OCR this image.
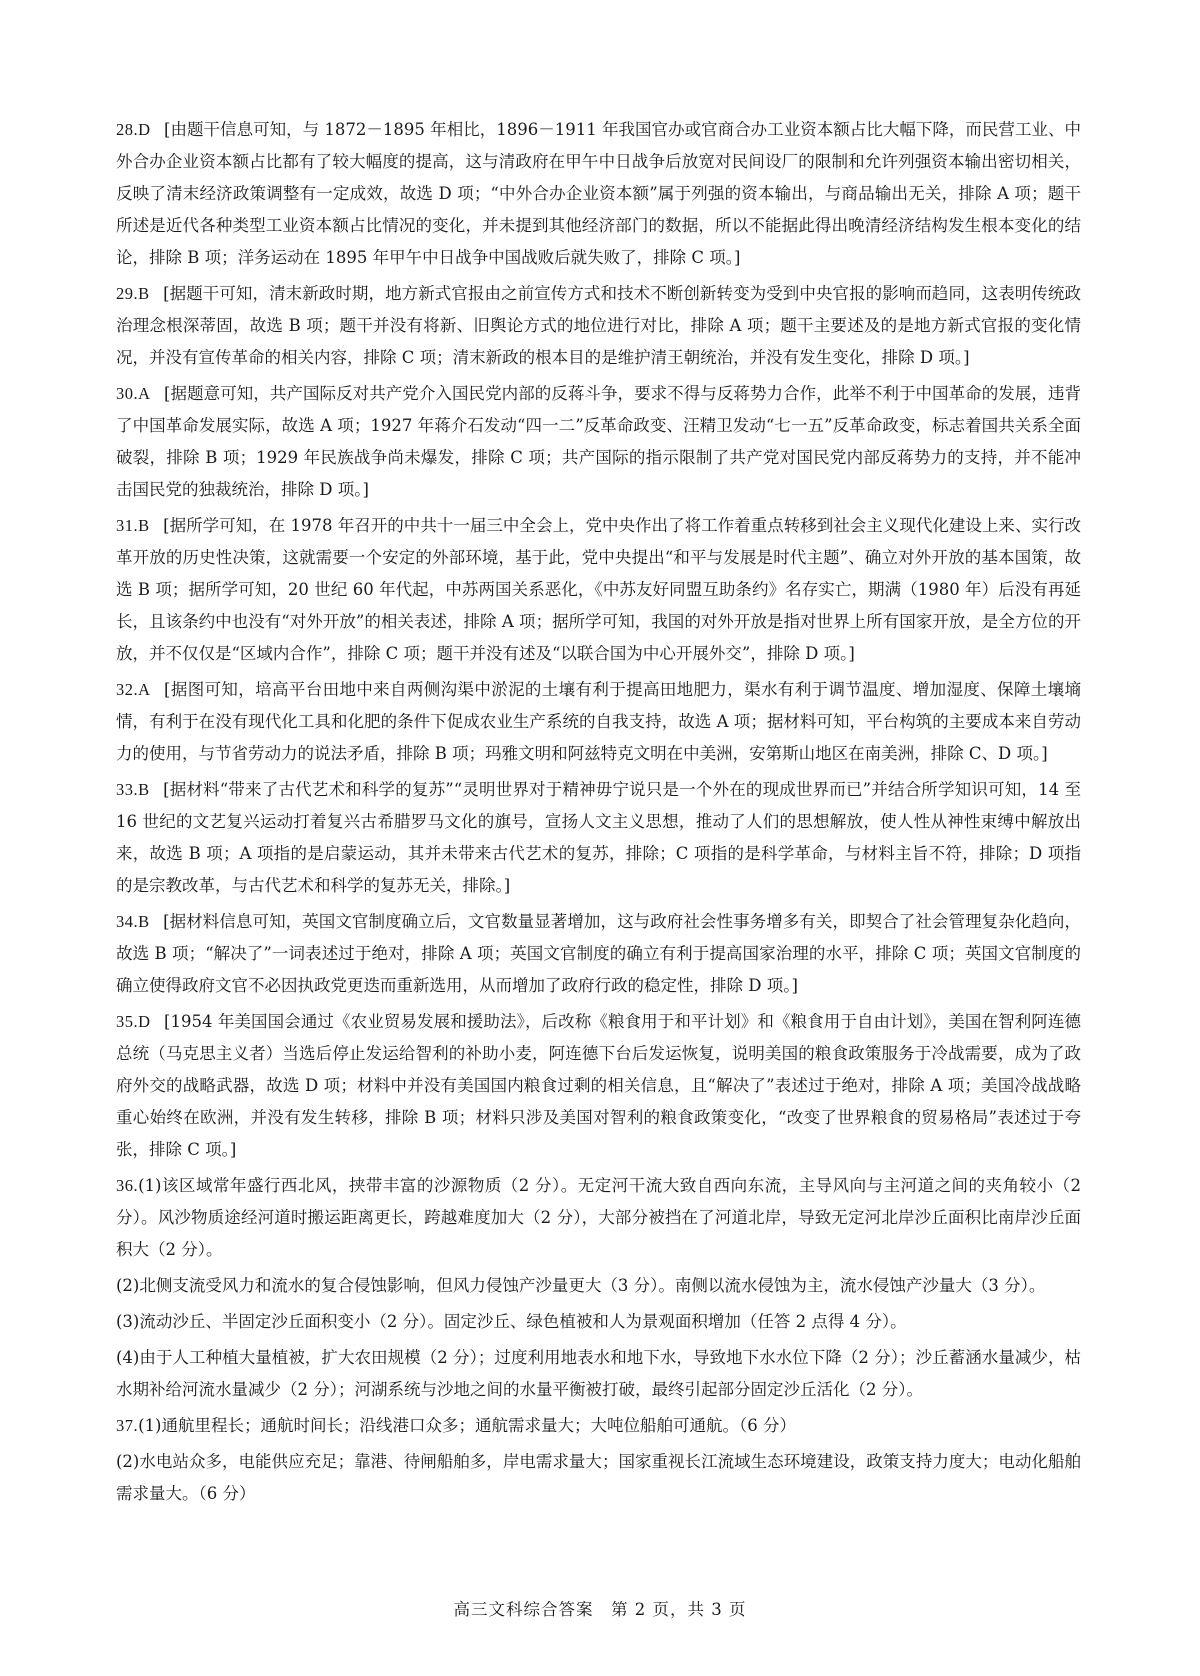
28.D [由题干信息可知，与 1872－1895 年相比，1896－1911 年我国官办或官商合办工业资本额占比大幅下降，而民营工业、中外合办企业资本额占比都有了较大幅度的提高，这与清政府在甲午中日战争后放宽对民间设厂的限制和允许列强资本输出密切相关，反映了清末经济政策调整有一定成效，故选 D 项；“中外合办企业资本额”属于列强的资本输出，与商品输出无关，排除 A 项；题干所述是近代各种类型工业资本额占比情况的变化，并未提到其他经济部门的数据，所以不能据此得出晚清经济结构发生根本变化的结论，排除 B 项；洋务运动在 1895 年甲午中日战争中国战败后就失败了，排除 C 项。]

29.B [据题干可知，清末新政时期，地方新式官报由之前宣传方式和技术不断创新转变为受到中央官报的影响而趋同，这表明传统政治理念根深蒂固，故选 B 项；题干并没有将新、旧舆论方式的地位进行对比，排除 A 项；题干主要述及的是地方新式官报的变化情况，并没有宣传革命的相关内容，排除 C 项；清末新政的根本目的是维护清王朝统治，并没有发生变化，排除 D 项。]

30.A [据题意可知，共产国际反对共产党介入国民党内部的反蒋斗争，要求不得与反蒋势力合作，此举不利于中国革命的发展，违背了中国革命发展实际，故选 A 项；1927 年蒋介石发动“四一二”反革命政变、汪精卫发动“七一五”反革命政变，标志着国共关系全面破裂，排除 B 项；1929 年民族战争尚未爆发，排除 C 项；共产国际的指示限制了共产党对国民党内部反蒋势力的支持，并不能冲击国民党的独裁统治，排除 D 项。]

31.B [据所学可知，在 1978 年召开的中共十一届三中全会上，党中央作出了将工作着重点转移到社会主义现代化建设上来、实行改革开放的历史性决策，这就需要一个安定的外部环境，基于此，党中央提出“和平与发展是时代主题”、确立对外开放的基本国策，故选 B 项；据所学可知，20 世纪 60 年代起，中苏两国关系恶化，《中苏友好同盟互助条约》名存实亡，期满（1980 年）后没有再延长，且该条约中也没有“对外开放”的相关表述，排除 A 项；据所学可知，我国的对外开放是指对世界上所有国家开放，是全方位的开放，并不仅仅是“区域内合作”，排除 C 项；题干并没有述及“以联合国为中心开展外交”，排除 D 项。]

32.A [据图可知，培高平台田地中来自两侧沟渠中淤泥的土壤有利于提高田地肥力，渠水有利于调节温度、增加湿度、保障土壤墒情，有利于在没有现代化工具和化肥的条件下促成农业生产系统的自我支持，故选 A 项；据材料可知，平台构筑的主要成本来自劳动力的使用，与节省劳动力的说法矛盾，排除 B 项；玛雅文明和阿兹特克文明在中美洲，安第斯山地区在南美洲，排除 C、D 项。]

33.B [据材料“带来了古代艺术和科学的复苏”“灵明世界对于精神毋宁说只是一个外在的现成世界而已”并结合所学知识可知，14 至 16 世纪的文艺复兴运动打着复兴古希腊罗马文化的旗号，宣扬人文主义思想，推动了人们的思想解放，使人性从神性束缚中解放出来，故选 B 项；A 项指的是启蒙运动，其并未带来古代艺术的复苏，排除；C 项指的是科学革命，与材料主旨不符，排除；D 项指的是宗教改革，与古代艺术和科学的复苏无关，排除。]

34.B [据材料信息可知，英国文官制度确立后，文官数量显著增加，这与政府社会性事务增多有关，即契合了社会管理复杂化趋向，故选 B 项；“解决了”一词表述过于绝对，排除 A 项；英国文官制度的确立有利于提高国家治理的水平，排除 C 项；英国文官制度的确立使得政府文官不必因执政党更迭而重新选用，从而增加了政府行政的稳定性，排除 D 项。]

35.D [1954 年美国国会通过《农业贸易发展和援助法》，后改称《粮食用于和平计划》和《粮食用于自由计划》，美国在智利阿连德总统（马克思主义者）当选后停止发运给智利的补助小麦，阿连德下台后发运恢复，说明美国的粮食政策服务于冷战需要，成为了政府外交的战略武器，故选 D 项；材料中并没有美国国内粮食过剩的相关信息，且“解决了”表述过于绝对，排除 A 项；美国冷战战略重心始终在欧洲，并没有发生转移，排除 B 项；材料只涉及美国对智利的粮食政策变化，“改变了世界粮食的贸易格局”表述过于夸张，排除 C 项。]

36.(1)该区域常年盛行西北风，挟带丰富的沙源物质（2 分）。无定河干流大致自西向东流，主导风向与主河道之间的夹角较小（2 分）。风沙物质途经河道时搬运距离更长，跨越难度加大（2 分），大部分被挡在了河道北岸，导致无定河北岸沙丘面积比南岸沙丘面积大（2 分）。

(2)北侧支流受风力和流水的复合侵蚀影响，但风力侵蚀产沙量更大（3 分）。南侧以流水侵蚀为主，流水侵蚀产沙量大（3 分）。

(3)流动沙丘、半固定沙丘面积变小（2 分）。固定沙丘、绿色植被和人为景观面积增加（任答 2 点得 4 分）。

(4)由于人工种植大量植被，扩大农田规模（2 分）；过度利用地表水和地下水，导致地下水水位下降（2 分）；沙丘蓄涵水量减少，枯水期补给河流水量减少（2 分）；河湖系统与沙地之间的水量平衡被打破，最终引起部分固定沙丘活化（2 分）。

37.(1)通航里程长；通航时间长；沿线港口众多；通航需求量大；大吨位船舶可通航。（6 分）

(2)水电站众多，电能供应充足；靠港、待闸船舶多，岸电需求量大；国家重视长江流域生态环境建设，政策支持力度大；电动化船舶需求量大。（6 分）

高三文科综合答案　第 2 页，共 3 页
